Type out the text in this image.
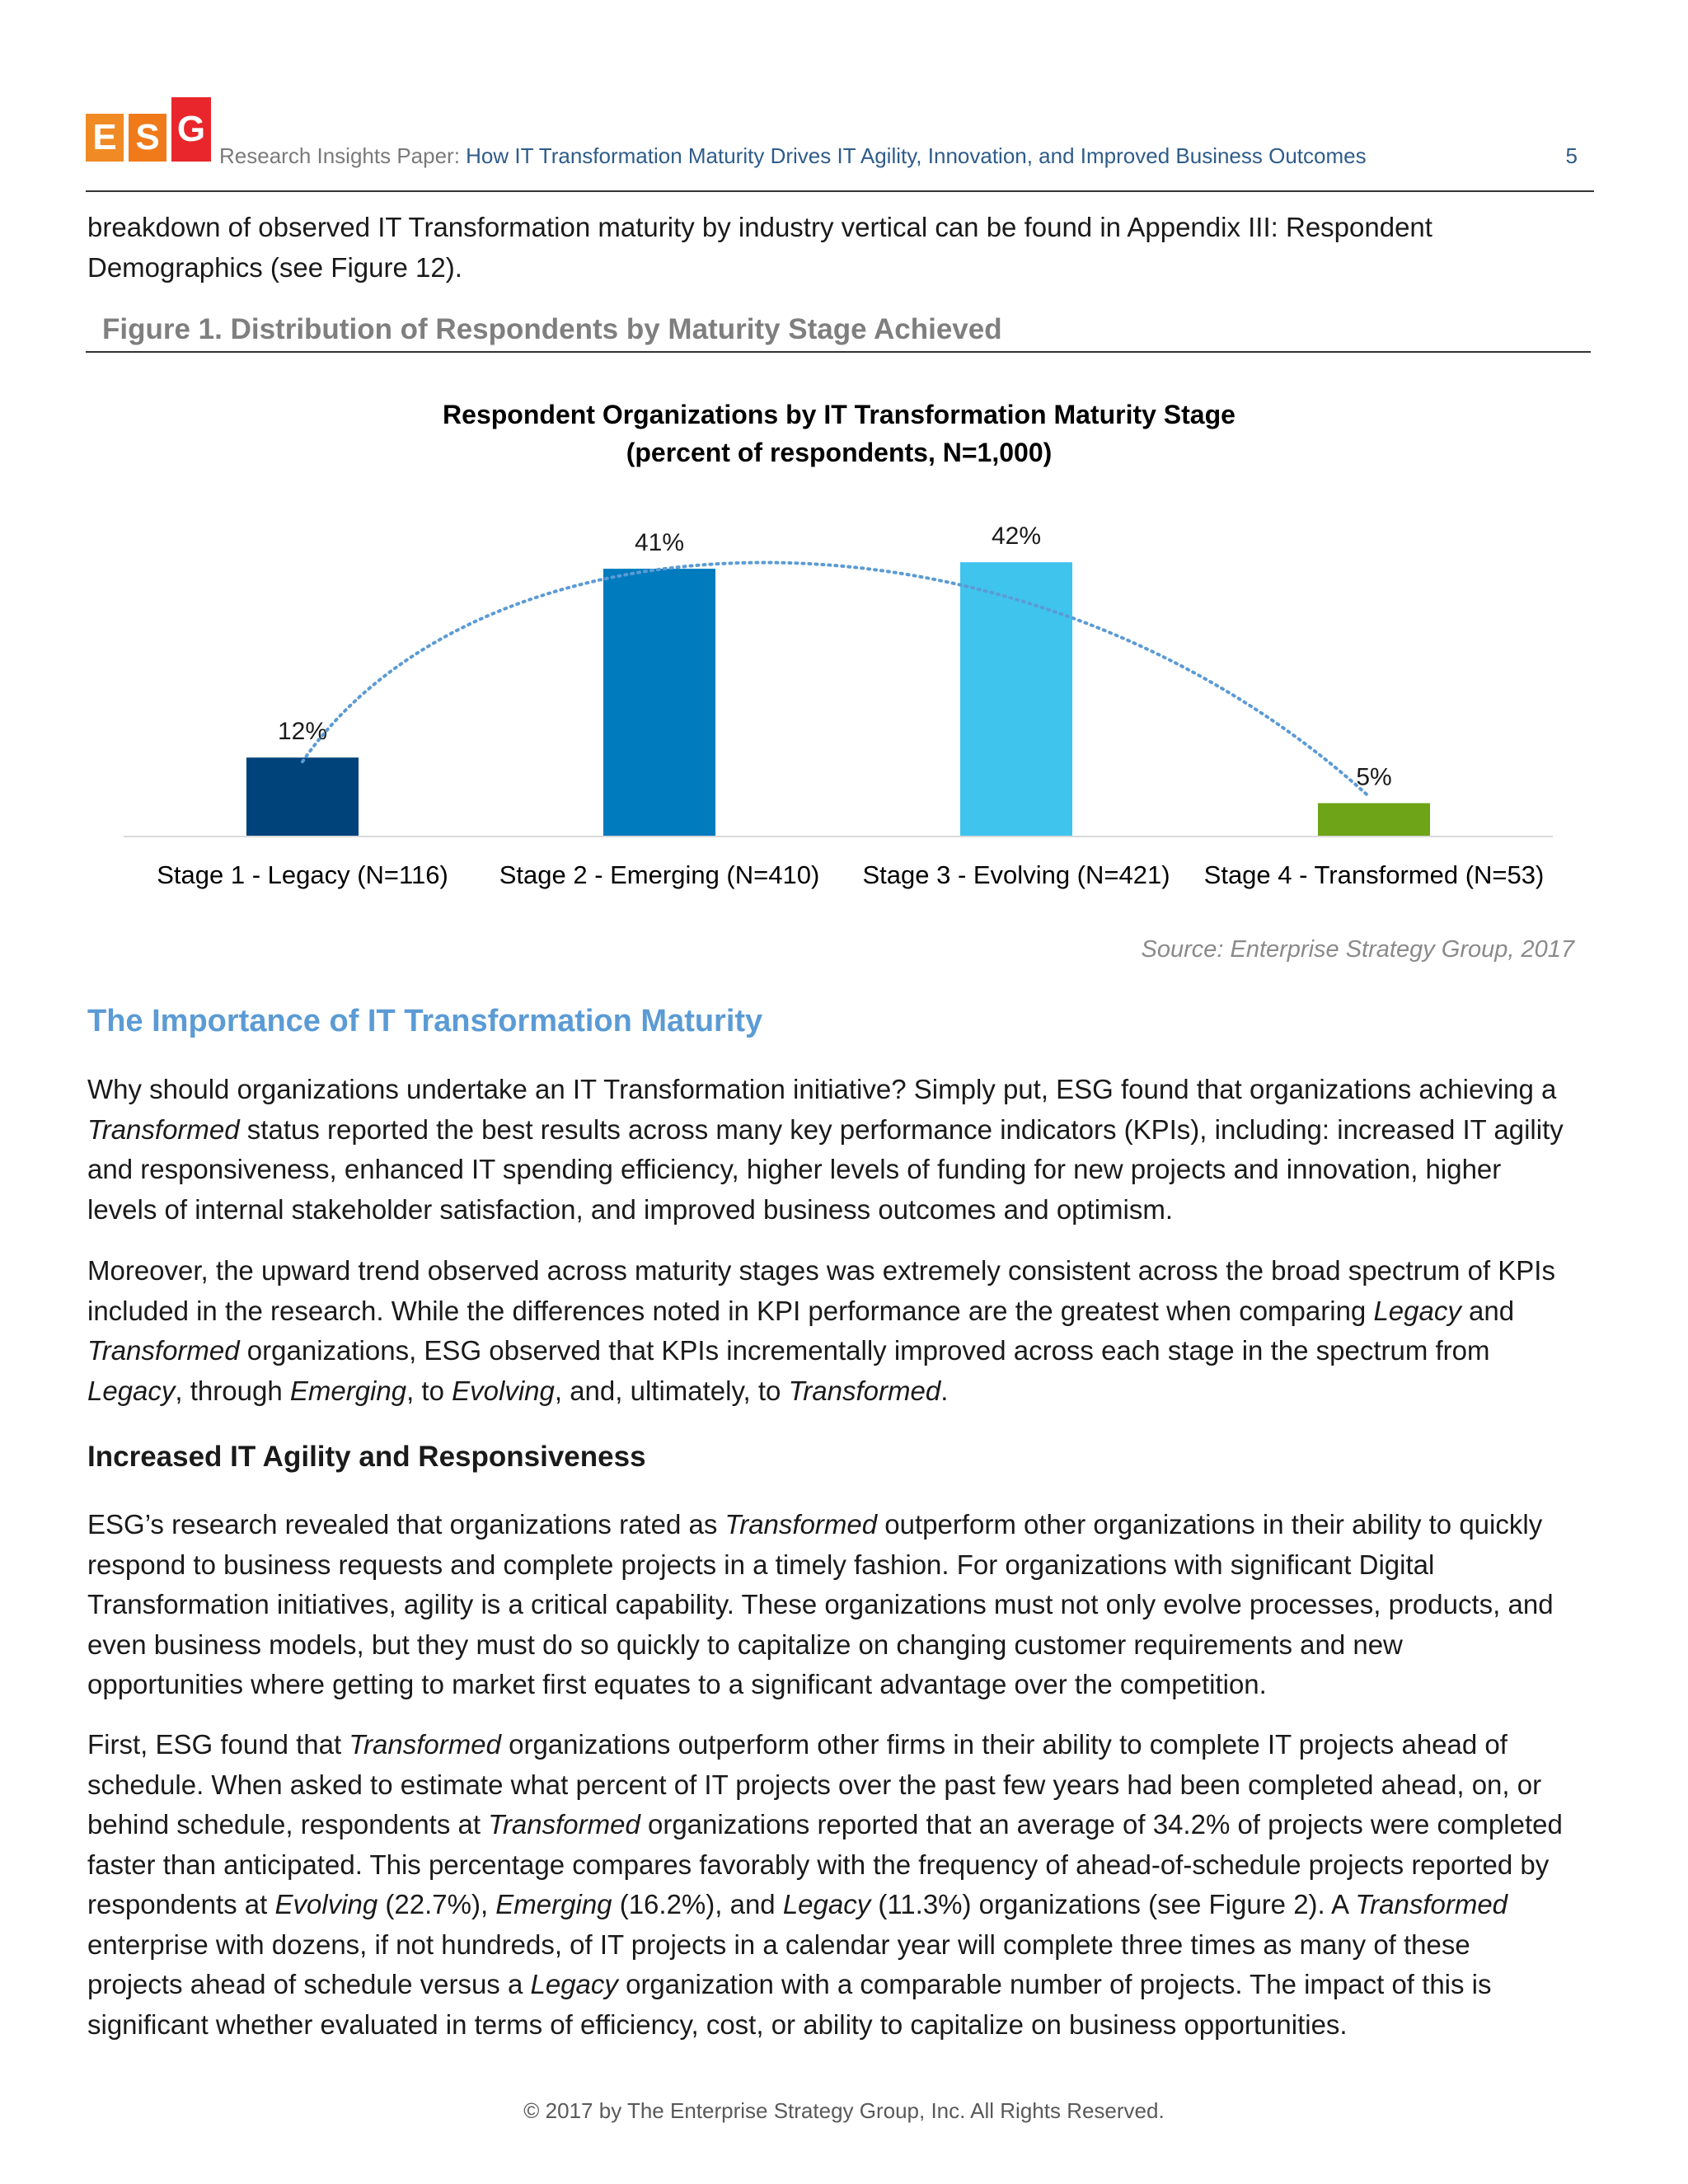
E S G
Research Insights Paper: How IT Transformation Maturity Drives IT Agility, Innovation, and Improved Business Outcomes	5
breakdown of observed IT Transformation maturity by industry vertical can be found in Appendix III: Respondent
Demographics (see Figure 12).
Figure 1. Distribution of Respondents by Maturity Stage Achieved
Respondent Organizations by IT Transformation Maturity Stage
(percent of respondents, N=1,000)
12%
Stage 1 - Legacy (N=116)
41%
Stage 2 - Emerging (N=410)
42%
Stage 3 - Evolving (N=421)
5%
Stage 4 - Transformed (N=53)
Source: Enterprise Strategy Group, 2017
The Importance of IT Transformation Maturity
Why should organizations undertake an IT Transformation initiative? Simply put, ESG found that organizations achieving a
Transformed status reported the best results across many key performance indicators (KPIs), including: increased IT agility
and responsiveness, enhanced IT spending efficiency, higher levels of funding for new projects and innovation, higher
levels of internal stakeholder satisfaction, and improved business outcomes and optimism.
Moreover, the upward trend observed across maturity stages was extremely consistent across the broad spectrum of KPIs
included in the research. While the differences noted in KPI performance are the greatest when comparing Legacy and
Transformed organizations, ESG observed that KPIs incrementally improved across each stage in the spectrum from
Legacy, through Emerging, to Evolving, and, ultimately, to Transformed.
Increased IT Agility and Responsiveness
ESG’s research revealed that organizations rated as Transformed outperform other organizations in their ability to quickly
respond to business requests and complete projects in a timely fashion. For organizations with significant Digital
Transformation initiatives, agility is a critical capability. These organizations must not only evolve processes, products, and
even business models, but they must do so quickly to capitalize on changing customer requirements and new
opportunities where getting to market first equates to a significant advantage over the competition.
First, ESG found that Transformed organizations outperform other firms in their ability to complete IT projects ahead of
schedule. When asked to estimate what percent of IT projects over the past few years had been completed ahead, on, or
behind schedule, respondents at Transformed organizations reported that an average of 34.2% of projects were completed
faster than anticipated. This percentage compares favorably with the frequency of ahead-of-schedule projects reported by
respondents at Evolving (22.7%), Emerging (16.2%), and Legacy (11.3%) organizations (see Figure 2). A Transformed
enterprise with dozens, if not hundreds, of IT projects in a calendar year will complete three times as many of these
projects ahead of schedule versus a Legacy organization with a comparable number of projects. The impact of this is
significant whether evaluated in terms of efficiency, cost, or ability to capitalize on business opportunities.
© 2017 by The Enterprise Strategy Group, Inc. All Rights Reserved.
